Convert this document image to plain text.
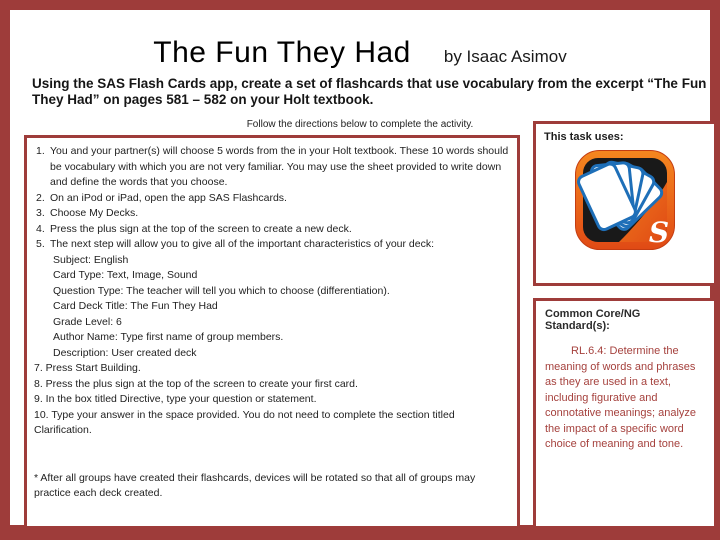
The Fun They Had by Isaac Asimov
Using the SAS Flash Cards app, create a set of flashcards that use vocabulary from the excerpt “The Fun They Had” on pages 581 – 582 on your Holt textbook.
Follow the directions below to complete the activity.
1. You and your partner(s) will choose 5 words from the in your Holt textbook. These 10 words should be vocabulary with which you are not very familiar. You may use the sheet provided to write down and define the words that you choose.
2. On an iPod or iPad, open the app SAS Flashcards.
3. Choose My Decks.
4. Press the plus sign at the top of the screen to create a new deck.
5. The next step will allow you to give all of the important characteristics of your deck:
Subject: English
Card Type: Text, Image, Sound
Question Type: The teacher will tell you which to choose (differentiation).
Card Deck Title: The Fun They Had
Grade Level: 6
Author Name: Type first name of group members.
Description: User created deck
7. Press Start Building.
8. Press the plus sign at the top of the screen to create your first card.
9. In the box titled Directive, type your question or statement.
10. Type your answer in the space provided. You do not need to complete the section titled Clarification.
* After all groups have created their flashcards, devices will be rotated so that all of groups may practice each deck created.
This task uses:
S
Common Core/NG Standard(s):
RL.6.4: Determine the meaning of words and phrases as they are used in a text, including figurative and connotative meanings; analyze the impact of a specific word choice of meaning and tone.
